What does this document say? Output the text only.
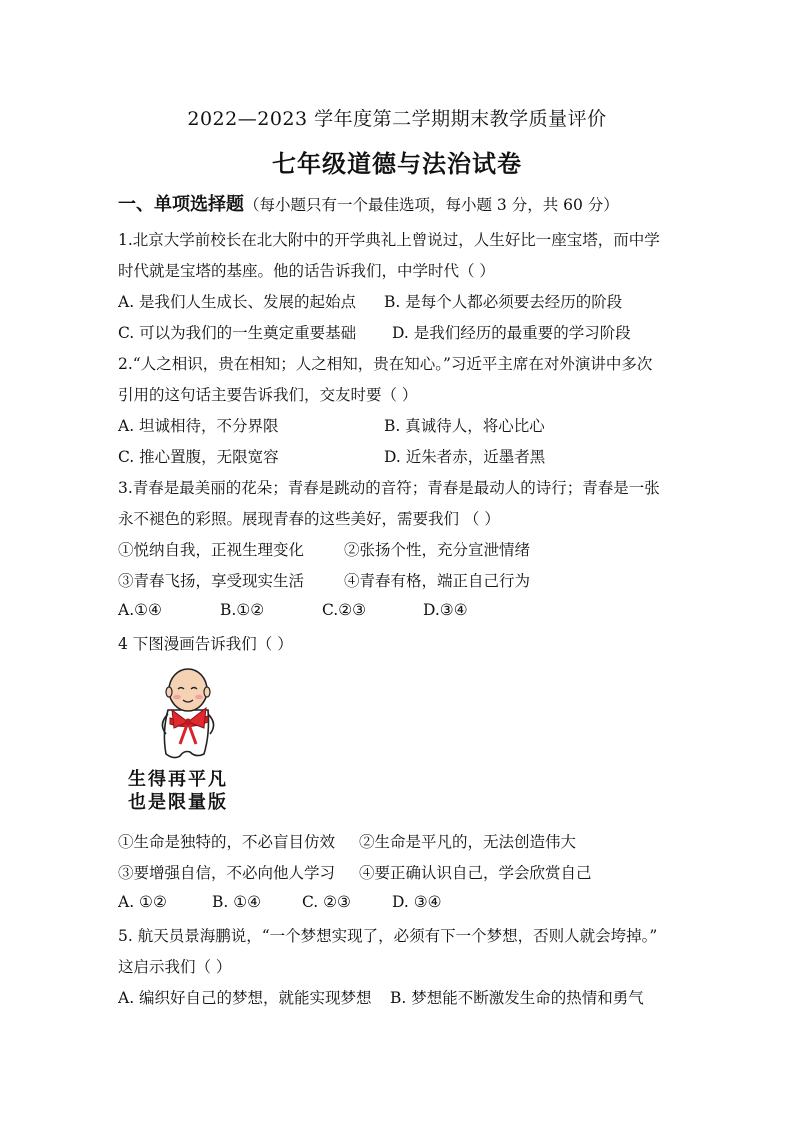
2022—2023 学年度第二学期期末教学质量评价
七年级道德与法治试卷
一、单项选择题（每小题只有一个最佳选项，每小题 3 分，共 60 分）
1.北京大学前校长在北大附中的开学典礼上曾说过，人生好比一座宝塔，而中学
时代就是宝塔的基座。他的话告诉我们，中学时代（ ）
A. 是我们人生成长、发展的起始点 B. 是每个人都必须要去经历的阶段
C. 可以为我们的一生奠定重要基础 D. 是我们经历的最重要的学习阶段
2.“人之相识，贵在相知；人之相知，贵在知心。”习近平主席在对外演讲中多次
引用的这句话主要告诉我们，交友时要（ ）
A. 坦诚相待，不分界限	B. 真诚待人，将心比心
C. 推心置腹，无限宽容	D. 近朱者赤，近墨者黑
3.青春是最美丽的花朵；青春是跳动的音符；青春是最动人的诗行；青春是一张
永不褪色的彩照。展现青春的这些美好，需要我们 （ ）
①悦纳自我，正视生理变化	②张扬个性，充分宣泄情绪
③青春飞扬，享受现实生活	④青春有格，端正自己行为
A.①④	B.①②	C.②③	D.③④
4 下图漫画告诉我们（ ）
生得再平凡
也是限量版
①生命是独特的，不必盲目仿效 ②生命是平凡的，无法创造伟大
③要增强自信，不必向他人学习 ④要正确认识自己，学会欣赏自己
A. ①②	B. ①④	C. ②③	D. ③④
5. 航天员景海鹏说，“一个梦想实现了，必须有下一个梦想，否则人就会垮掉。”
这启示我们（ ）
A. 编织好自己的梦想，就能实现梦想 B. 梦想能不断激发生命的热情和勇气
